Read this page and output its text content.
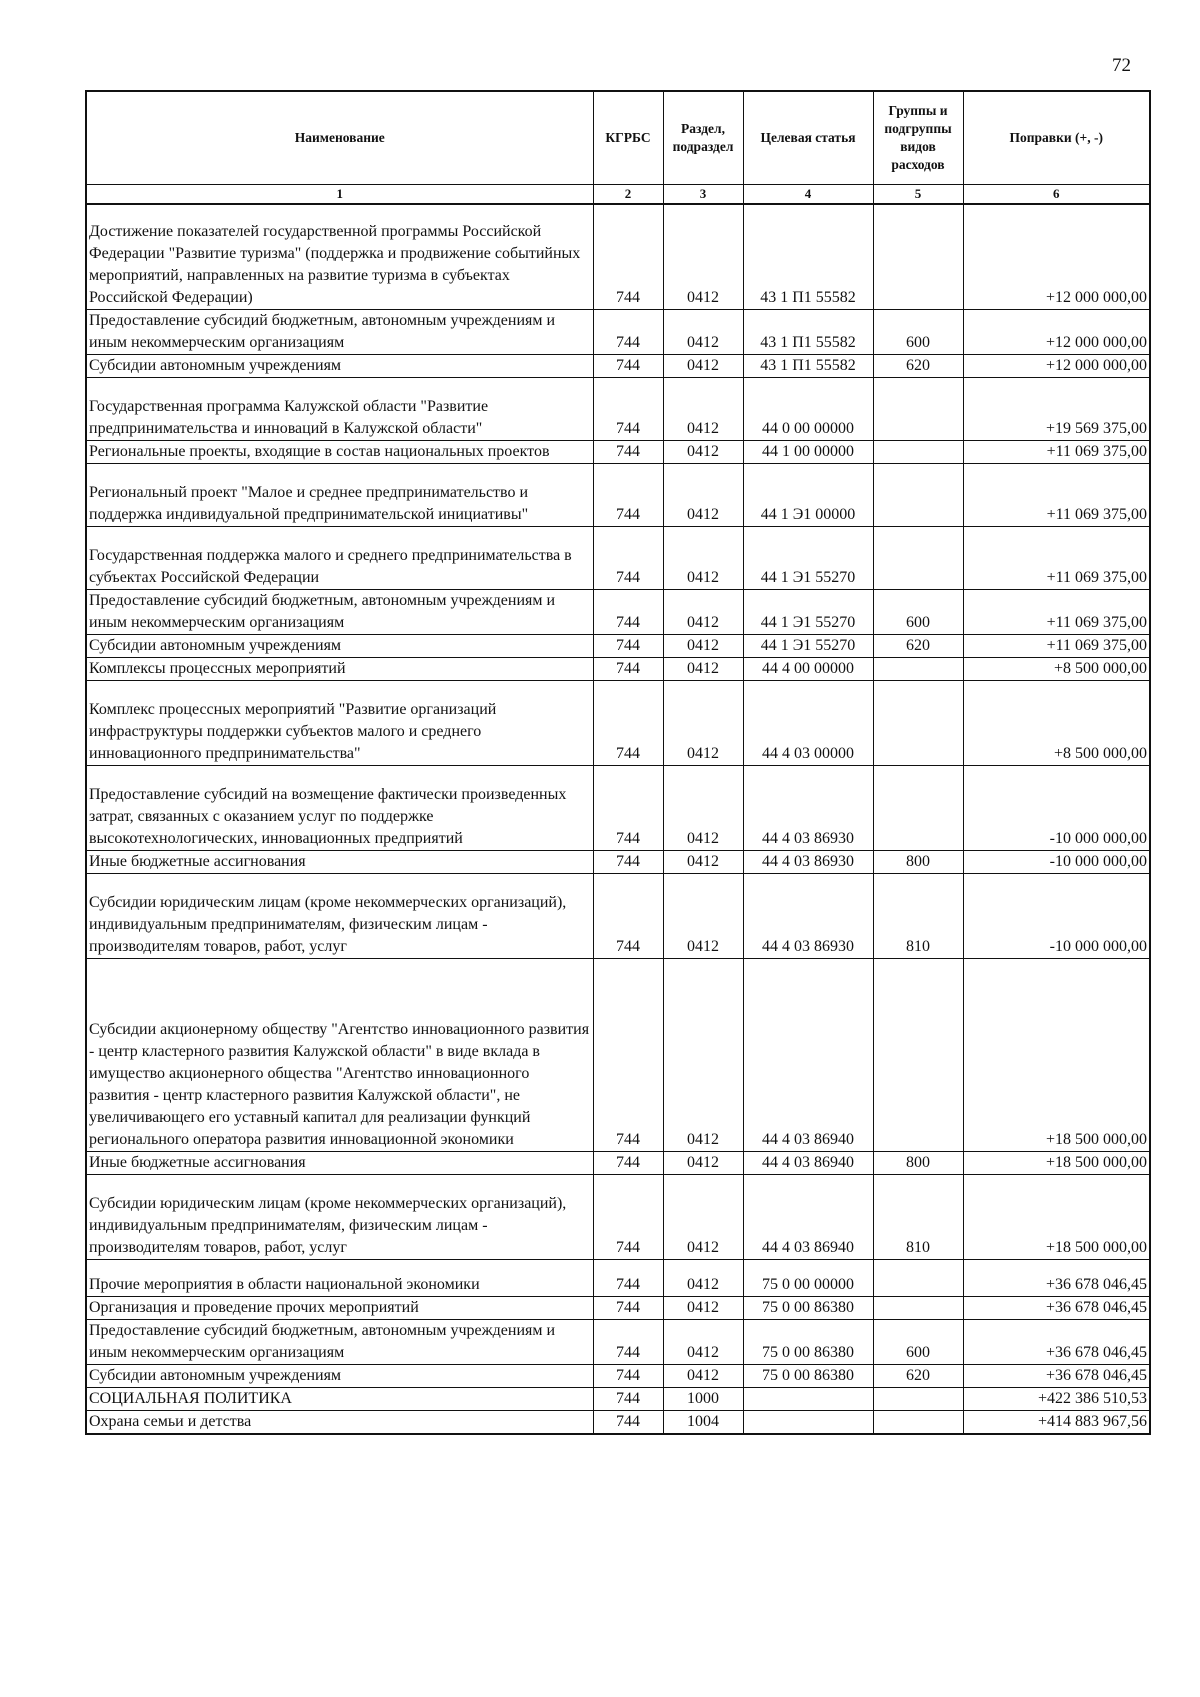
72
Наименование	КГРБС	Раздел, подраздел	Целевая статья	Группы и подгруппы видов расходов	Поправки (+, -)
1	2	3	4	5	6
Достижение показателей государственной программы Российской Федерации "Развитие туризма" (поддержка и продвижение событийных мероприятий, направленных на развитие туризма в субъектах Российской Федерации)	744	0412	43 1 П1 55582		+12 000 000,00
Предоставление субсидий бюджетным, автономным учреждениям и иным некоммерческим организациям	744	0412	43 1 П1 55582	600	+12 000 000,00
Субсидии автономным учреждениям	744	0412	43 1 П1 55582	620	+12 000 000,00
Государственная программа Калужской области "Развитие предпринимательства и инноваций в Калужской области"	744	0412	44 0 00 00000		+19 569 375,00
Региональные проекты, входящие в состав национальных проектов	744	0412	44 1 00 00000		+11 069 375,00
Региональный проект "Малое и среднее предпринимательство и поддержка индивидуальной предпринимательской инициативы"	744	0412	44 1 Э1 00000		+11 069 375,00
Государственная поддержка малого и среднего предпринимательства в субъектах Российской Федерации	744	0412	44 1 Э1 55270		+11 069 375,00
Предоставление субсидий бюджетным, автономным учреждениям и иным некоммерческим организациям	744	0412	44 1 Э1 55270	600	+11 069 375,00
Субсидии автономным учреждениям	744	0412	44 1 Э1 55270	620	+11 069 375,00
Комплексы процессных мероприятий	744	0412	44 4 00 00000		+8 500 000,00
Комплекс процессных мероприятий "Развитие организаций инфраструктуры поддержки субъектов малого и среднего инновационного предпринимательства"	744	0412	44 4 03 00000		+8 500 000,00
Предоставление субсидий на возмещение фактически произведенных затрат, связанных с оказанием услуг по поддержке высокотехнологических, инновационных предприятий	744	0412	44 4 03 86930		-10 000 000,00
Иные бюджетные ассигнования	744	0412	44 4 03 86930	800	-10 000 000,00
Субсидии юридическим лицам (кроме некоммерческих организаций), индивидуальным предпринимателям, физическим лицам - производителям товаров, работ, услуг	744	0412	44 4 03 86930	810	-10 000 000,00
Субсидии акционерному обществу "Агентство инновационного развития - центр кластерного развития Калужской области" в виде вклада в имущество акционерного общества "Агентство инновационного развития - центр кластерного развития Калужской области", не увеличивающего его уставный капитал для реализации функций регионального оператора развития инновационной экономики	744	0412	44 4 03 86940		+18 500 000,00
Иные бюджетные ассигнования	744	0412	44 4 03 86940	800	+18 500 000,00
Субсидии юридическим лицам (кроме некоммерческих организаций), индивидуальным предпринимателям, физическим лицам - производителям товаров, работ, услуг	744	0412	44 4 03 86940	810	+18 500 000,00
Прочие мероприятия в области национальной экономики	744	0412	75 0 00 00000		+36 678 046,45
Организация и проведение прочих мероприятий	744	0412	75 0 00 86380		+36 678 046,45
Предоставление субсидий бюджетным, автономным учреждениям и иным некоммерческим организациям	744	0412	75 0 00 86380	600	+36 678 046,45
Субсидии автономным учреждениям	744	0412	75 0 00 86380	620	+36 678 046,45
СОЦИАЛЬНАЯ ПОЛИТИКА	744	1000			+422 386 510,53
Охрана семьи и детства	744	1004			+414 883 967,56
